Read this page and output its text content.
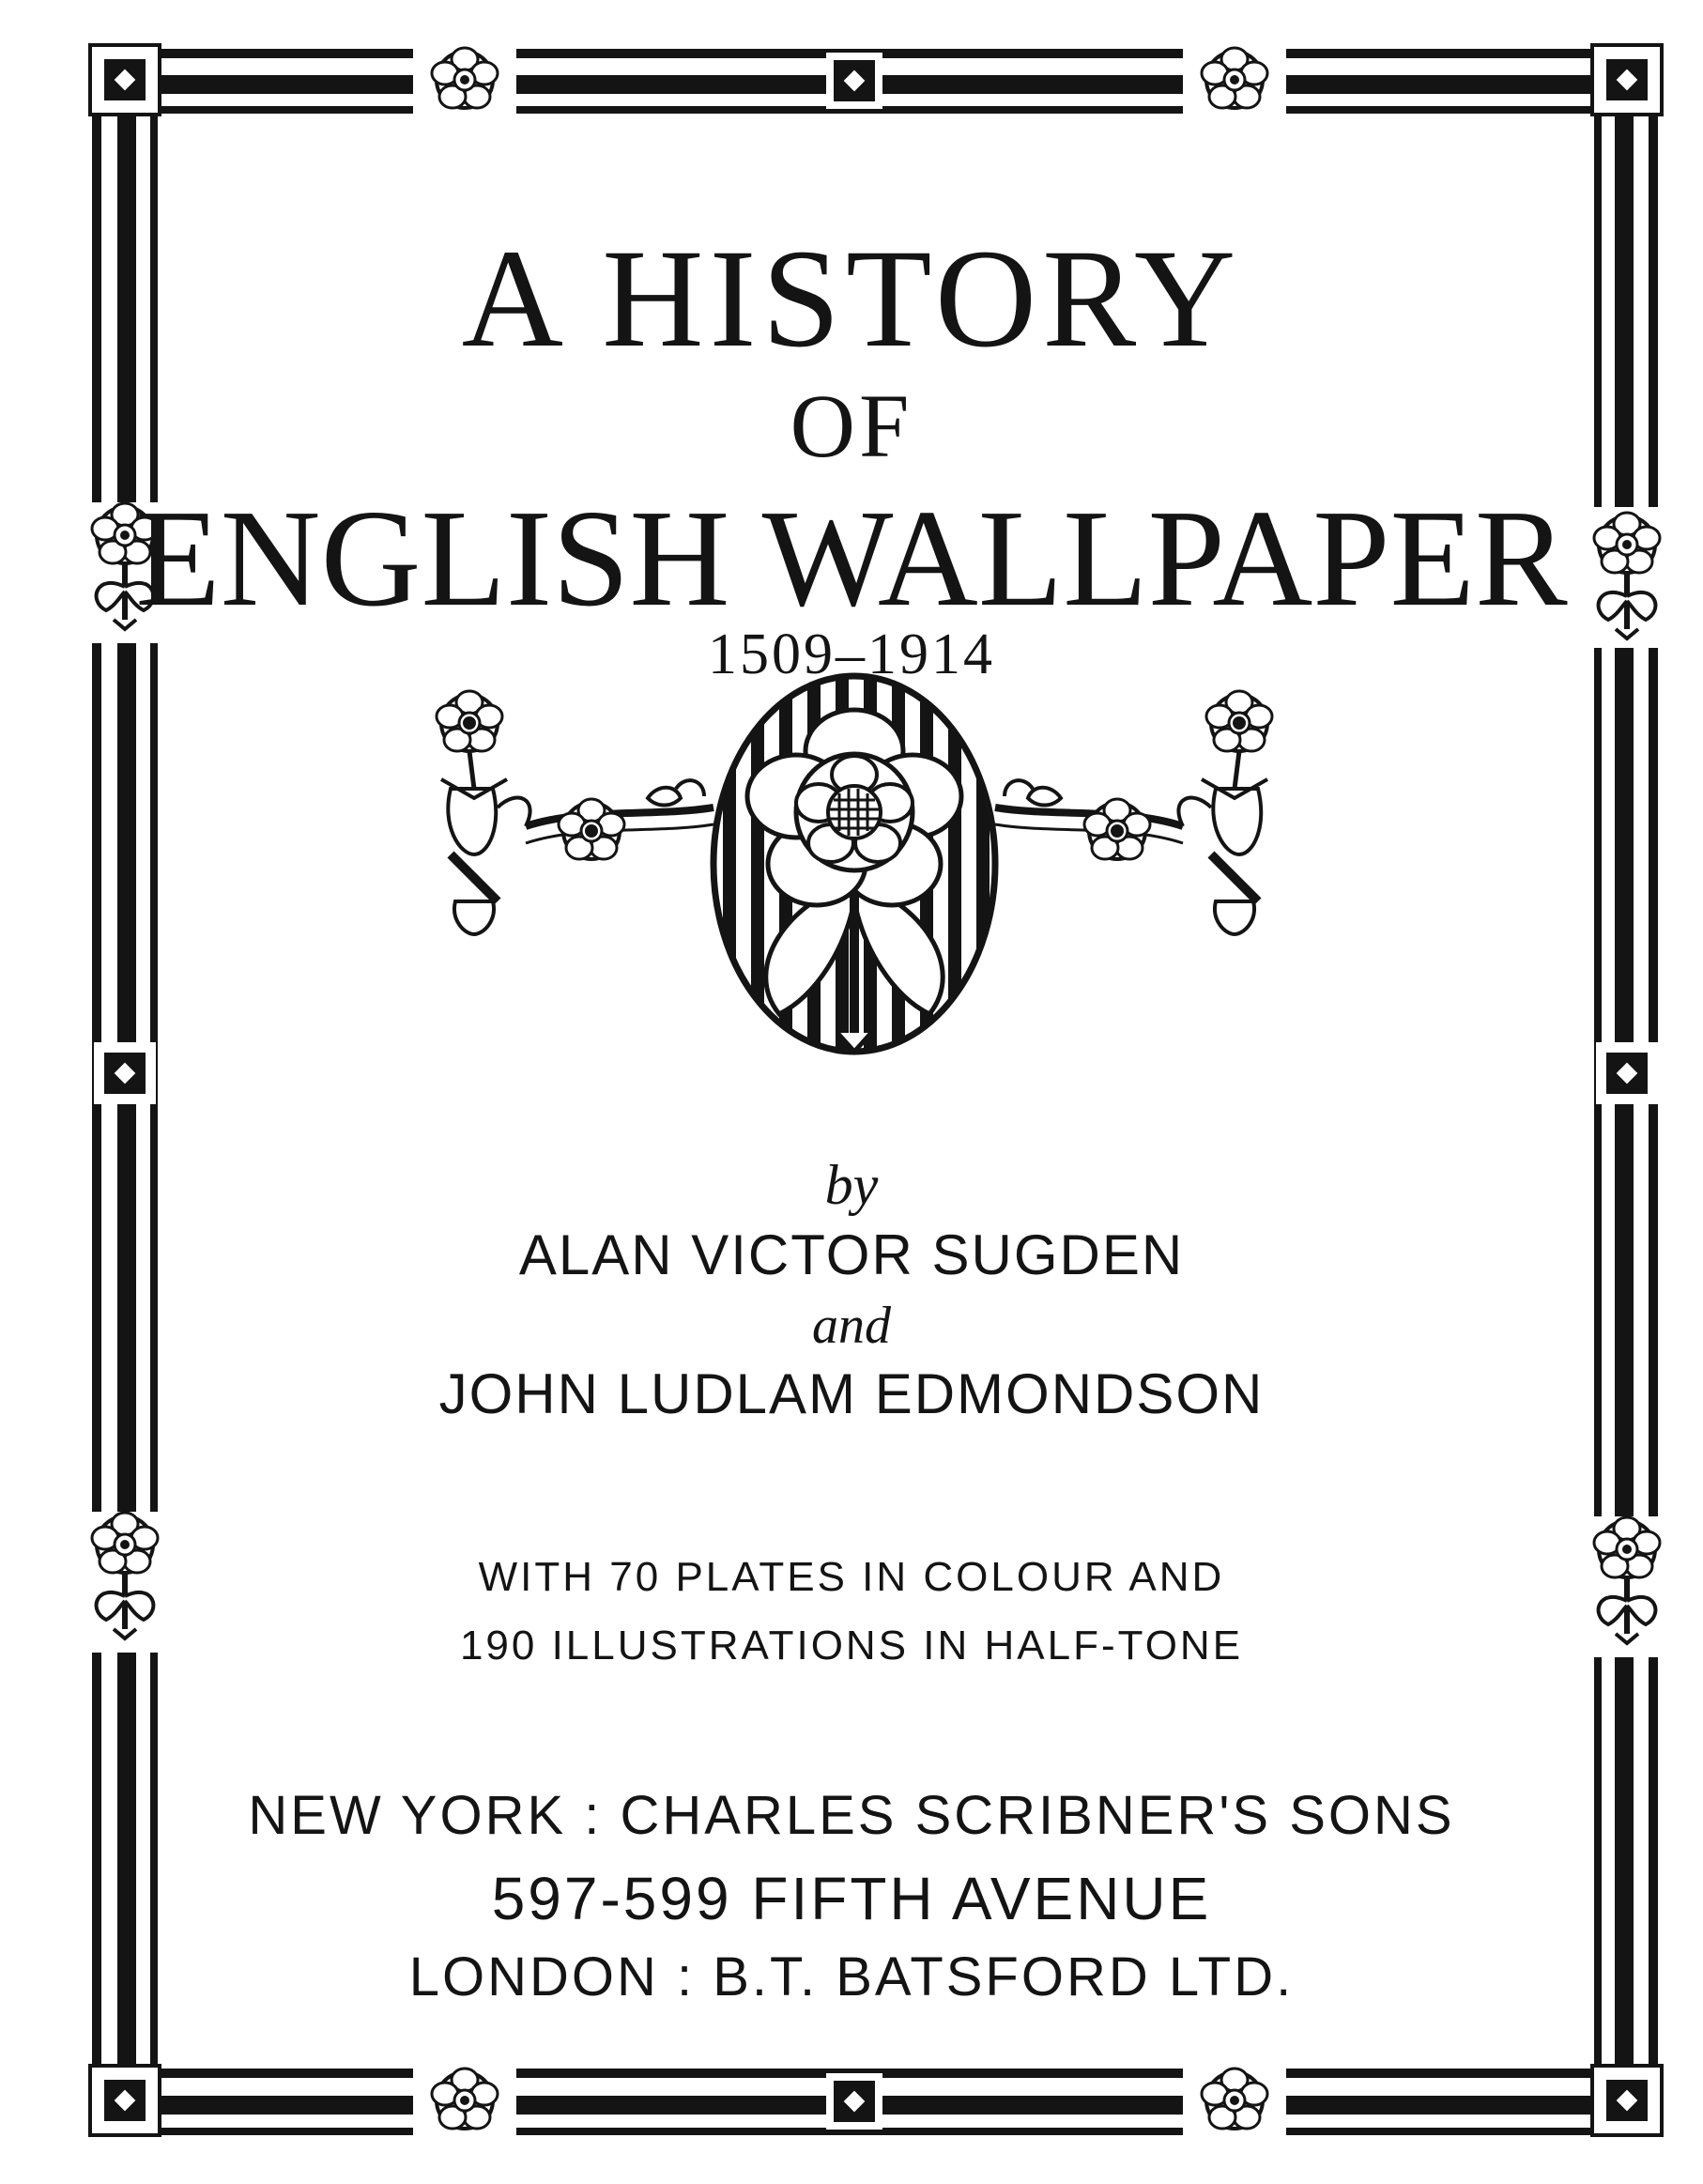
A HISTORY
OF
ENGLISH WALLPAPER
1509–1914
by
ALAN VICTOR SUGDEN
and
JOHN LUDLAM EDMONDSON
WITH 70 PLATES IN COLOUR AND
190 ILLUSTRATIONS IN HALF-TONE
NEW YORK : CHARLES SCRIBNER'S SONS
597-599 FIFTH AVENUE
LONDON : B.T. BATSFORD LTD.
